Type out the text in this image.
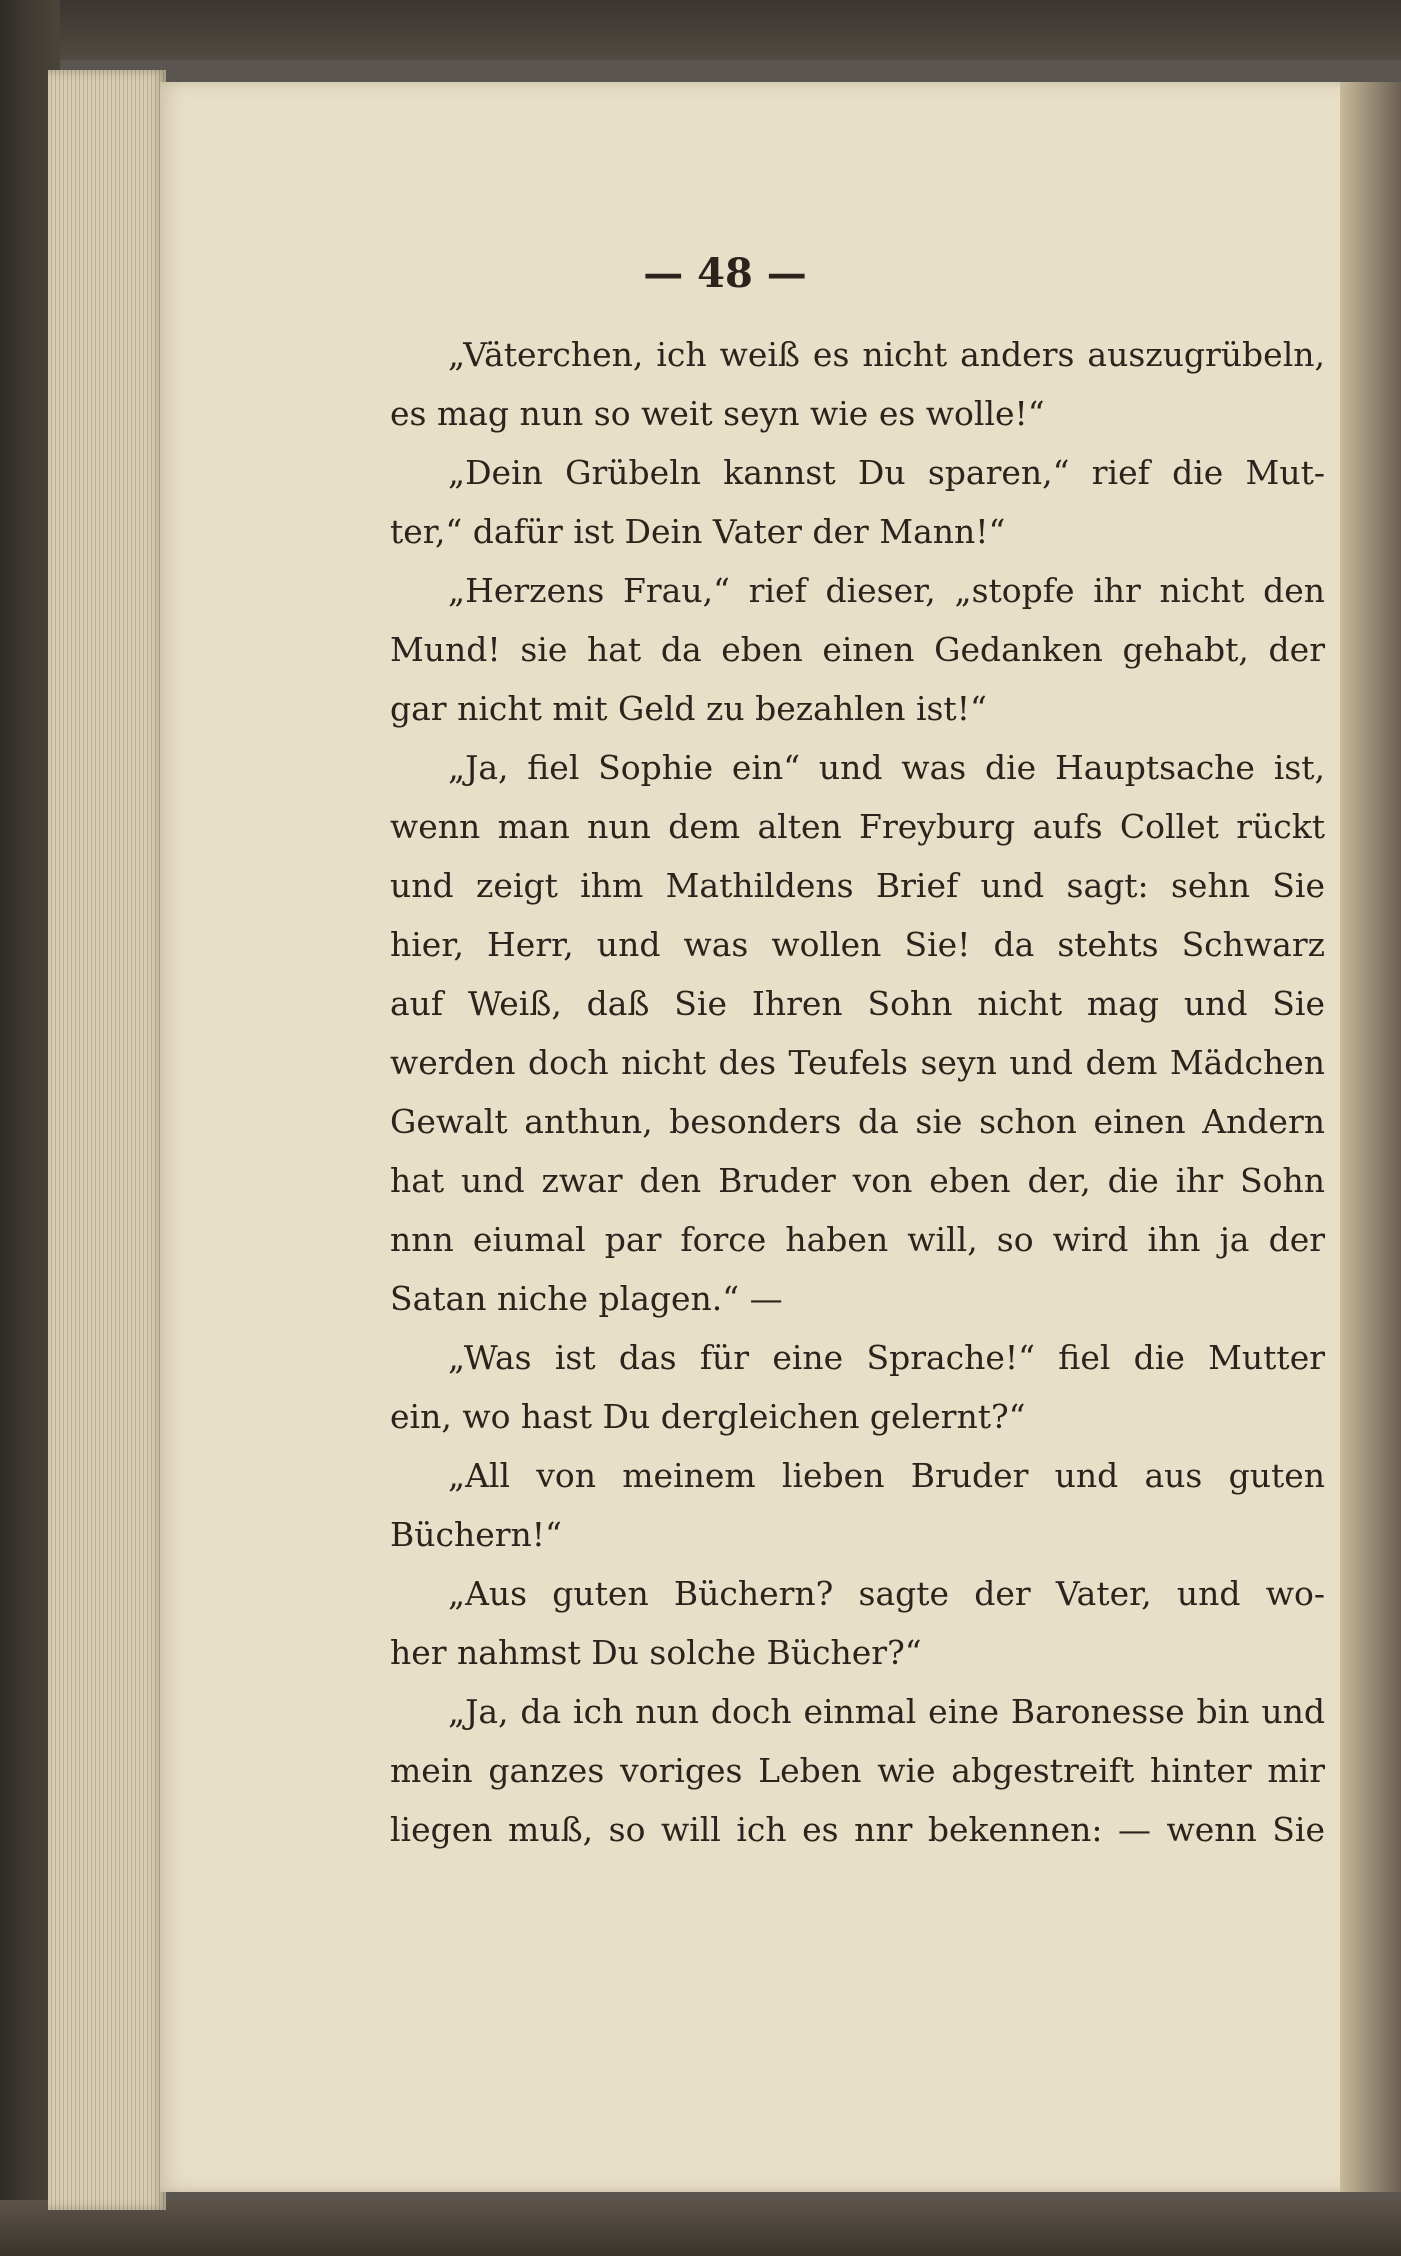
— 48 —
„Väterchen, ich weiß es nicht anders auszugrübeln,
es mag nun so weit seyn wie es wolle!“
„Dein Grübeln kannst Du sparen,“ rief die Mut-
ter,“ dafür ist Dein Vater der Mann!“
„Herzens Frau,“ rief dieser, „stopfe ihr nicht den
Mund! sie hat da eben einen Gedanken gehabt, der
gar nicht mit Geld zu bezahlen ist!“
„Ja, fiel Sophie ein“ und was die Hauptsache ist,
wenn man nun dem alten Freyburg aufs Collet rückt
und zeigt ihm Mathildens Brief und sagt: sehn Sie
hier, Herr, und was wollen Sie! da stehts Schwarz
auf Weiß, daß Sie Ihren Sohn nicht mag und Sie
werden doch nicht des Teufels seyn und dem Mädchen
Gewalt anthun, besonders da sie schon einen Andern
hat und zwar den Bruder von eben der, die ihr Sohn
nnn eiumal par force haben will, so wird ihn ja der
Satan niche plagen.“ —
„Was ist das für eine Sprache!“ fiel die Mutter
ein, wo hast Du dergleichen gelernt?“
„All von meinem lieben Bruder und aus guten
Büchern!“
„Aus guten Büchern? sagte der Vater, und wo-
her nahmst Du solche Bücher?“
„Ja, da ich nun doch einmal eine Baronesse bin und
mein ganzes voriges Leben wie abgestreift hinter mir
liegen muß, so will ich es nnr bekennen: — wenn Sie
